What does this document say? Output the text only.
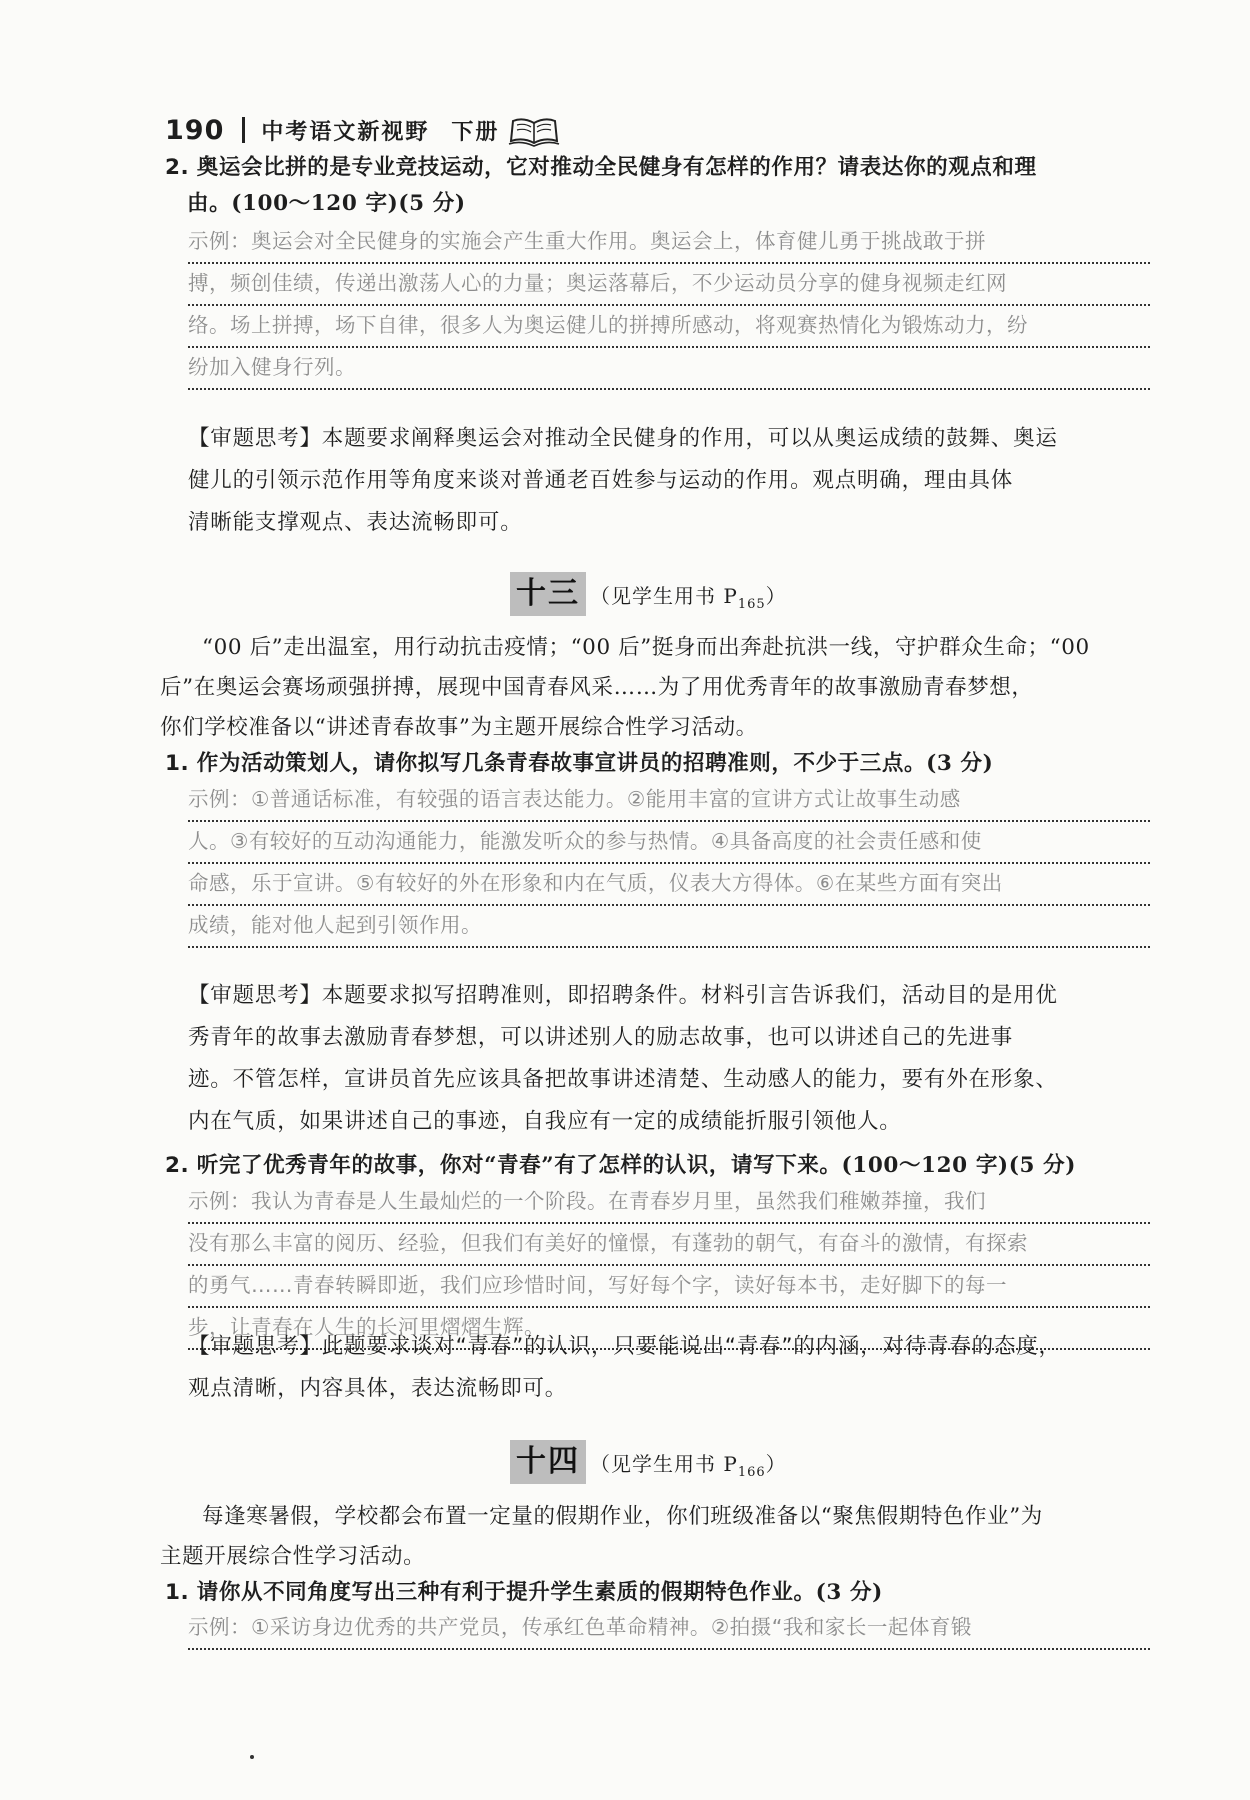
190 中考语文新视野 下册
2. 奥运会比拼的是专业竞技运动，它对推动全民健身有怎样的作用？请表达你的观点和理
由。(100～120 字)(5 分)
示例：奥运会对全民健身的实施会产生重大作用。奥运会上，体育健儿勇于挑战敢于拼
搏，频创佳绩，传递出激荡人心的力量；奥运落幕后，不少运动员分享的健身视频走红网
络。场上拼搏，场下自律，很多人为奥运健儿的拼搏所感动，将观赛热情化为锻炼动力，纷
纷加入健身行列。
【审题思考】本题要求阐释奥运会对推动全民健身的作用，可以从奥运成绩的鼓舞、奥运
健儿的引领示范作用等角度来谈对普通老百姓参与运动的作用。观点明确，理由具体
清晰能支撑观点、表达流畅即可。
十三 （见学生用书 $P_{165}$）
“00 后”走出温室，用行动抗击疫情；“00 后”挺身而出奔赴抗洪一线，守护群众生命；“00
后”在奥运会赛场顽强拼搏，展现中国青春风采……为了用优秀青年的故事激励青春梦想，
你们学校准备以“讲述青春故事”为主题开展综合性学习活动。
1. 作为活动策划人，请你拟写几条青春故事宣讲员的招聘准则，不少于三点。(3 分)
示例：①普通话标准，有较强的语言表达能力。②能用丰富的宣讲方式让故事生动感
人。③有较好的互动沟通能力，能激发听众的参与热情。④具备高度的社会责任感和使
命感，乐于宣讲。⑤有较好的外在形象和内在气质，仪表大方得体。⑥在某些方面有突出
成绩，能对他人起到引领作用。
【审题思考】本题要求拟写招聘准则，即招聘条件。材料引言告诉我们，活动目的是用优
秀青年的故事去激励青春梦想，可以讲述别人的励志故事，也可以讲述自己的先进事
迹。不管怎样，宣讲员首先应该具备把故事讲述清楚、生动感人的能力，要有外在形象、
内在气质，如果讲述自己的事迹，自我应有一定的成绩能折服引领他人。
2. 听完了优秀青年的故事，你对“青春”有了怎样的认识，请写下来。(100～120 字)(5 分)
示例：我认为青春是人生最灿烂的一个阶段。在青春岁月里，虽然我们稚嫩莽撞，我们
没有那么丰富的阅历、经验，但我们有美好的憧憬，有蓬勃的朝气，有奋斗的激情，有探索
的勇气……青春转瞬即逝，我们应珍惜时间，写好每个字，读好每本书，走好脚下的每一
步，让青春在人生的长河里熠熠生辉。
【审题思考】此题要求谈对“青春”的认识，只要能说出“青春”的内涵，对待青春的态度，
观点清晰，内容具体，表达流畅即可。
十四 （见学生用书 $P_{166}$）
每逢寒暑假，学校都会布置一定量的假期作业，你们班级准备以“聚焦假期特色作业”为
主题开展综合性学习活动。
1. 请你从不同角度写出三种有利于提升学生素质的假期特色作业。(3 分)
示例：①采访身边优秀的共产党员，传承红色革命精神。②拍摄“我和家长一起体育锻
